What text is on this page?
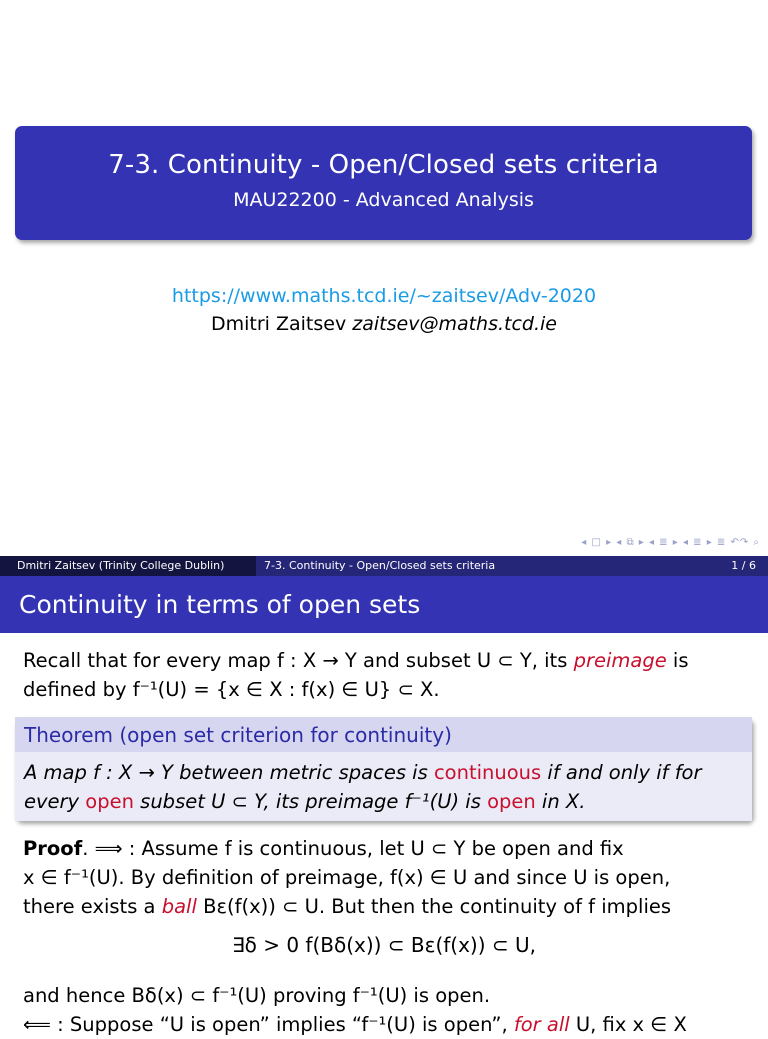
7-3. Continuity - Open/Closed sets criteria
MAU22200 - Advanced Analysis
https://www.maths.tcd.ie/~zaitsev/Adv-2020
Dmitri Zaitsev zaitsev@maths.tcd.ie
◂ □ ▸ ◂ ⧉ ▸ ◂ ≣ ▸ ◂ ≣ ▸ ≣ ↶↷ ⌕
Dmitri Zaitsev (Trinity College Dublin)	7-3. Continuity - Open/Closed sets criteria	1 / 6
Continuity in terms of open sets
Recall that for every map f : X → Y and subset U ⊂ Y, its preimage is
defined by f⁻¹(U) = {x ∈ X : f(x) ∈ U} ⊂ X.
Theorem (open set criterion for continuity)
A map f : X → Y between metric spaces is continuous if and only if for
every open subset U ⊂ Y, its preimage f⁻¹(U) is open in X.
Proof. ⟹ : Assume f is continuous, let U ⊂ Y be open and fix
x ∈ f⁻¹(U). By definition of preimage, f(x) ∈ U and since U is open,
there exists a ball Bε(f(x)) ⊂ U. But then the continuity of f implies
∃δ > 0 f(Bδ(x)) ⊂ Bε(f(x)) ⊂ U,
and hence Bδ(x) ⊂ f⁻¹(U) proving f⁻¹(U) is open.
⟸ : Suppose “U is open” implies “f⁻¹(U) is open”, for all U, fix x ∈ X
